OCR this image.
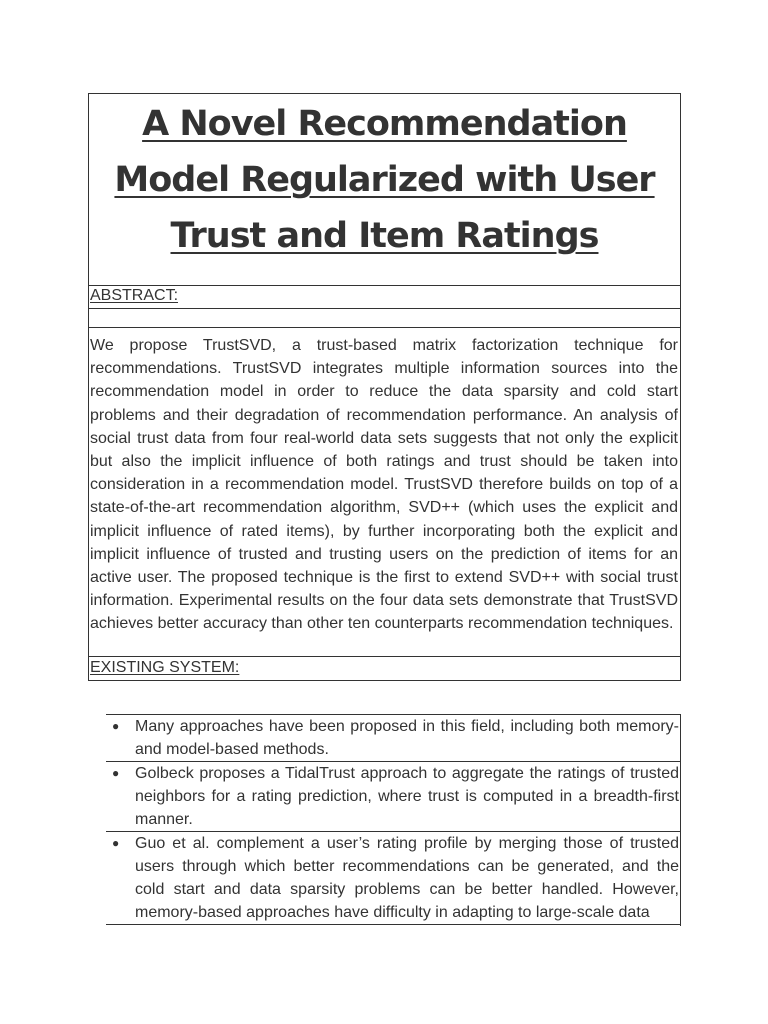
A Novel Recommendation Model Regularized with User Trust and Item Ratings
ABSTRACT:

We propose TrustSVD, a trust-based matrix factorization technique for recommendations. TrustSVD integrates multiple information sources into the recommendation model in order to reduce the data sparsity and cold start problems and their degradation of recommendation performance. An analysis of social trust data from four real-world data sets suggests that not only the explicit but also the implicit influence of both ratings and trust should be taken into consideration in a recommendation model. TrustSVD therefore builds on top of a state-of-the-art recommendation algorithm, SVD++ (which uses the explicit and implicit influence of rated items), by further incorporating both the explicit and implicit influence of trusted and trusting users on the prediction of items for an active user. The proposed technique is the first to extend SVD++ with social trust information. Experimental results on the four data sets demonstrate that TrustSVD achieves better accuracy than other ten counterparts recommendation techniques.

EXISTING SYSTEM:
● Many approaches have been proposed in this field, including both memory- and model-based methods.

● Golbeck proposes a TidalTrust approach to aggregate the ratings of trusted neighbors for a rating prediction, where trust is computed in a breadth-first manner.

● Guo et al. complement a user’s rating profile by merging those of trusted users through which better recommendations can be generated, and the cold start and data sparsity problems can be better handled. However, memory-based approaches have difficulty in adapting to large-scale data
